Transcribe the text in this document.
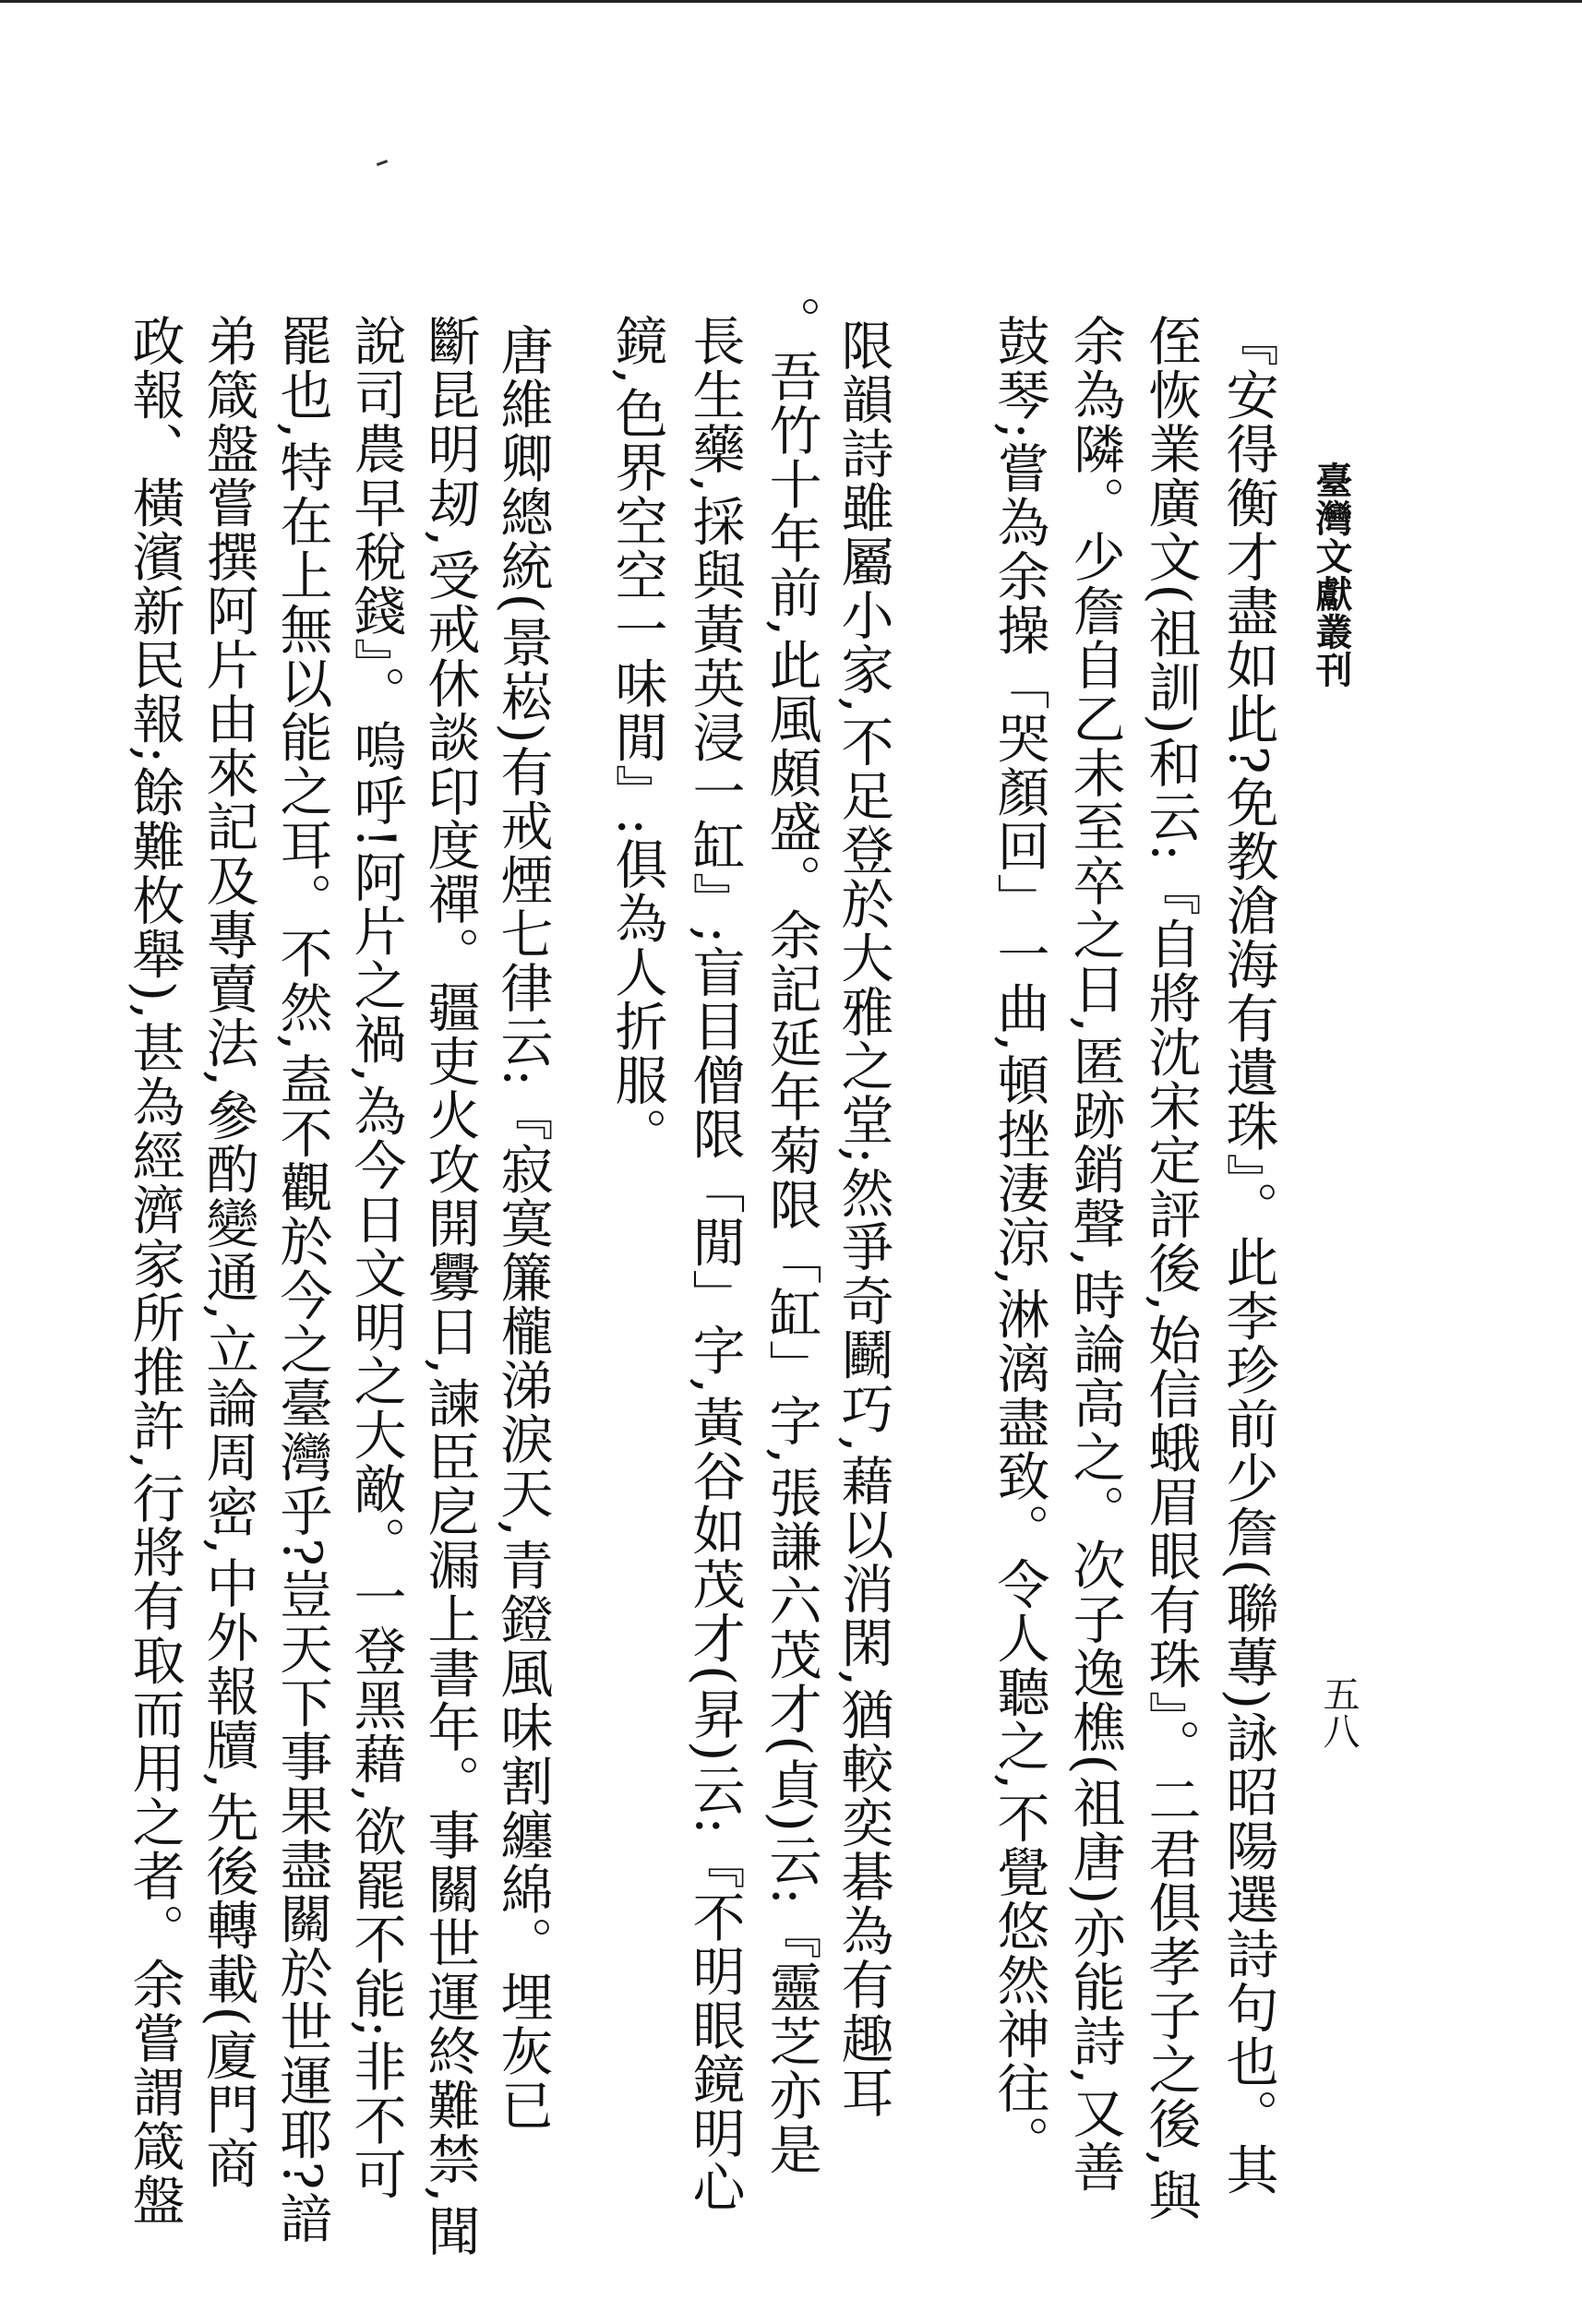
臺灣文獻叢刊
五八
『安得衡才盡如此?免教滄海有遺珠』。此李珍前少詹(聯蓴)詠昭陽選詩句也。其
侄恢業廣文(祖訓)和云:『自將沈宋定評後,始信蛾眉眼有珠』。二君俱孝子之後,與
余為隣。少詹自乙未至卒之日,匿跡銷聲,時論高之。次子逸樵(祖唐)亦能詩,又善
鼓琴;嘗為余操「哭顏回」一曲,頓挫淒涼,淋漓盡致。令人聽之,不覺悠然神往。
限韻詩雖屬小家,不足登於大雅之堂;然爭奇鬬巧,藉以消閑,猶較奕碁為有趣耳
。吾竹十年前,此風頗盛。余記延年菊限「缸」字,張謙六茂才(貞)云:『靈芝亦是
長生藥,採與黃英浸一缸』;盲目僧限「閒」字,黃谷如茂才(昇)云:『不明眼鏡明心
鏡,色界空空一味閒』:俱為人折服。
唐維卿總統(景崧)有戒煙七律云:『寂寞簾櫳涕淚天,青鐙風味割纏綿。埋灰已
斷昆明刼,受戒休談印度禪。疆吏火攻開釁日,諫臣戹漏上書年。事關世運終難禁,聞
說司農早稅錢』。嗚呼!阿片之禍,為今日文明之大敵。一登黑藉,欲罷不能;非不可
罷也,特在上無以能之耳。不然,盍不觀於今之臺灣乎?豈天下事果盡關於世運耶?諳
弟箴盤嘗撰阿片由來記及專賣法,參酌變通,立論周密,中外報牘,先後轉載(廈門商
政報、橫濱新民報;餘難枚舉),甚為經濟家所推許,行將有取而用之者。余嘗謂箴盤
